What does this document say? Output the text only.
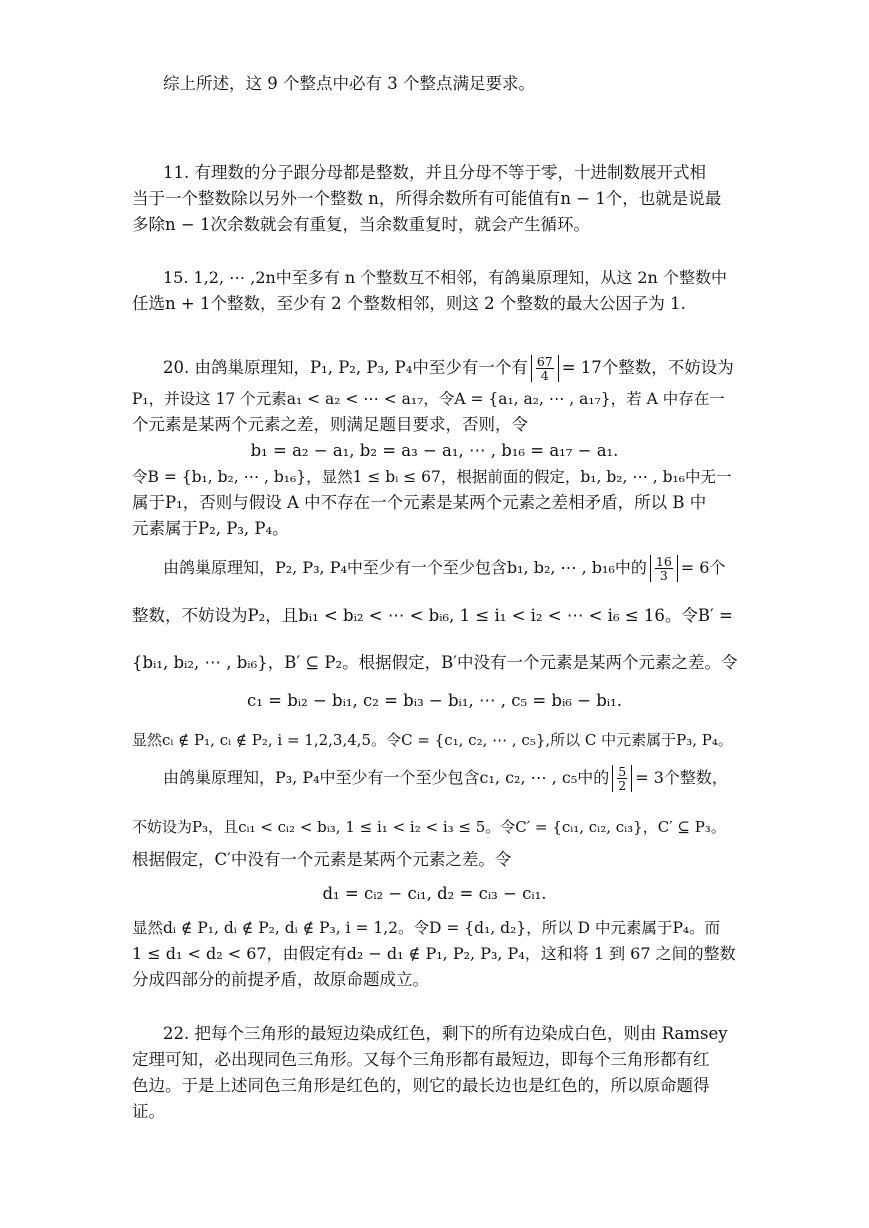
综上所述，这 9 个整点中必有 3 个整点满足要求。
11. 有理数的分子跟分母都是整数，并且分母不等于零，十进制数展开式相
当于一个整数除以另外一个整数 n，所得余数所有可能值有n − 1个，也就是说最
多除n − 1次余数就会有重复，当余数重复时，就会产生循环。
15. 1,2, ⋯ ,2n中至多有 n 个整数互不相邻，有鸽巢原理知，从这 2n 个整数中
任选n + 1个整数，至少有 2 个整数相邻，则这 2 个整数的最大公因子为 1.
20. 由鸽巢原理知，P₁, P₂, P₃, P₄中至少有一个有 $\frac{67}{4} = 17$个整数，不妨设为
P₁，并设这 17 个元素a₁ < a₂ < ⋯ < a₁₇，令A = {a₁, a₂, ⋯ , a₁₇}，若 A 中存在一
个元素是某两个元素之差，则满足题目要求，否则，令
b₁ = a₂ − a₁, b₂ = a₃ − a₁, ⋯ , b₁₆ = a₁₇ − a₁.
令B = {b₁, b₂, ⋯ , b₁₆}，显然1 ≤ bᵢ ≤ 67，根据前面的假定，b₁, b₂, ⋯ , b₁₆中无一
属于P₁，否则与假设 A 中不存在一个元素是某两个元素之差相矛盾，所以 B 中
元素属于P₂, P₃, P₄。
由鸽巢原理知，P₂, P₃, P₄中至少有一个至少包含b₁, b₂, ⋯ , b₁₆中的 $\frac{16}{3} = 6$个
整数，不妨设为P₂，且bᵢ₁ < bᵢ₂ < ⋯ < bᵢ₆, 1 ≤ i₁ < i₂ < ⋯ < i₆ ≤ 16。令B′ =
{bᵢ₁, bᵢ₂, ⋯ , bᵢ₆}，B′ ⊆ P₂。根据假定，B′中没有一个元素是某两个元素之差。令
c₁ = bᵢ₂ − bᵢ₁, c₂ = bᵢ₃ − bᵢ₁, ⋯ , c₅ = bᵢ₆ − bᵢ₁.
显然cᵢ ∉ P₁, cᵢ ∉ P₂, i = 1,2,3,4,5。令C = {c₁, c₂, ⋯ , c₅},所以 C 中元素属于P₃, P₄。
由鸽巢原理知，P₃, P₄中至少有一个至少包含c₁, c₂, ⋯ , c₅中的 $\frac{5}{2} = 3$个整数，
不妨设为P₃，且cᵢ₁ < cᵢ₂ < bᵢ₃, 1 ≤ i₁ < i₂ < i₃ ≤ 5。令C′ = {cᵢ₁, cᵢ₂, cᵢ₃}，C′ ⊆ P₃。
根据假定，C′中没有一个元素是某两个元素之差。令
d₁ = cᵢ₂ − cᵢ₁, d₂ = cᵢ₃ − cᵢ₁.
显然dᵢ ∉ P₁, dᵢ ∉ P₂, dᵢ ∉ P₃, i = 1,2。令D = {d₁, d₂}，所以 D 中元素属于P₄。而
1 ≤ d₁ < d₂ < 67，由假定有d₂ − d₁ ∉ P₁, P₂, P₃, P₄，这和将 1 到 67 之间的整数
分成四部分的前提矛盾，故原命题成立。
22. 把每个三角形的最短边染成红色，剩下的所有边染成白色，则由 Ramsey
定理可知，必出现同色三角形。又每个三角形都有最短边，即每个三角形都有红
色边。于是上述同色三角形是红色的，则它的最长边也是红色的，所以原命题得
证。
